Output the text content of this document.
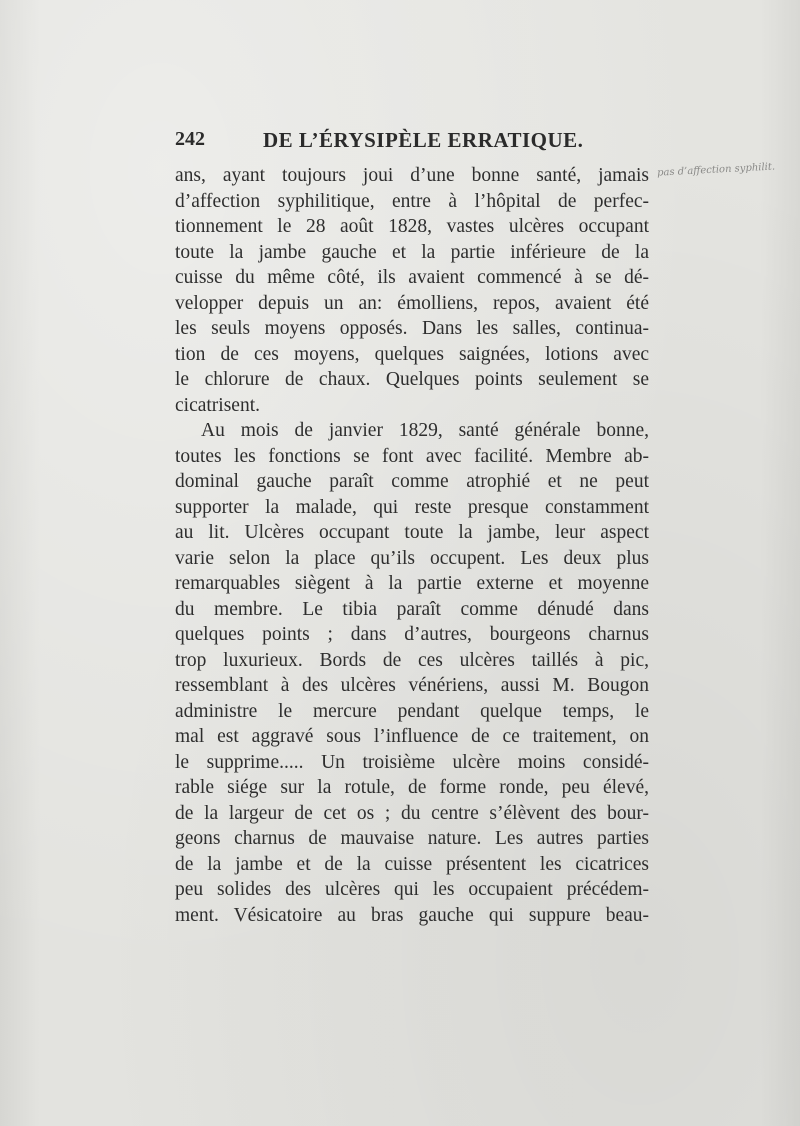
242	DE L’ÉRYSIPÈLE ERRATIQUE.
pas d’affection syphilit.
ans, ayant toujours joui d’une bonne santé, jamais
d’affection syphilitique, entre à l’hôpital de perfec-
tionnement le 28 août 1828, vastes ulcères occupant
toute la jambe gauche et la partie inférieure de la
cuisse du même côté, ils avaient commencé à se dé-
velopper depuis un an: émolliens, repos, avaient été
les seuls moyens opposés. Dans les salles, continua-
tion de ces moyens, quelques saignées, lotions avec
le chlorure de chaux. Quelques points seulement se
cicatrisent.
Au mois de janvier 1829, santé générale bonne,
toutes les fonctions se font avec facilité. Membre ab-
dominal gauche paraît comme atrophié et ne peut
supporter la malade, qui reste presque constamment
au lit. Ulcères occupant toute la jambe, leur aspect
varie selon la place qu’ils occupent. Les deux plus
remarquables siègent à la partie externe et moyenne
du membre. Le tibia paraît comme dénudé dans
quelques points ; dans d’autres, bourgeons charnus
trop luxurieux. Bords de ces ulcères taillés à pic,
ressemblant à des ulcères vénériens, aussi M. Bougon
administre le mercure pendant quelque temps, le
mal est aggravé sous l’influence de ce traitement, on
le supprime..... Un troisième ulcère moins considé-
rable siége sur la rotule, de forme ronde, peu élevé,
de la largeur de cet os ; du centre s’élèvent des bour-
geons charnus de mauvaise nature. Les autres parties
de la jambe et de la cuisse présentent les cicatrices
peu solides des ulcères qui les occupaient précédem-
ment. Vésicatoire au bras gauche qui suppure beau-
